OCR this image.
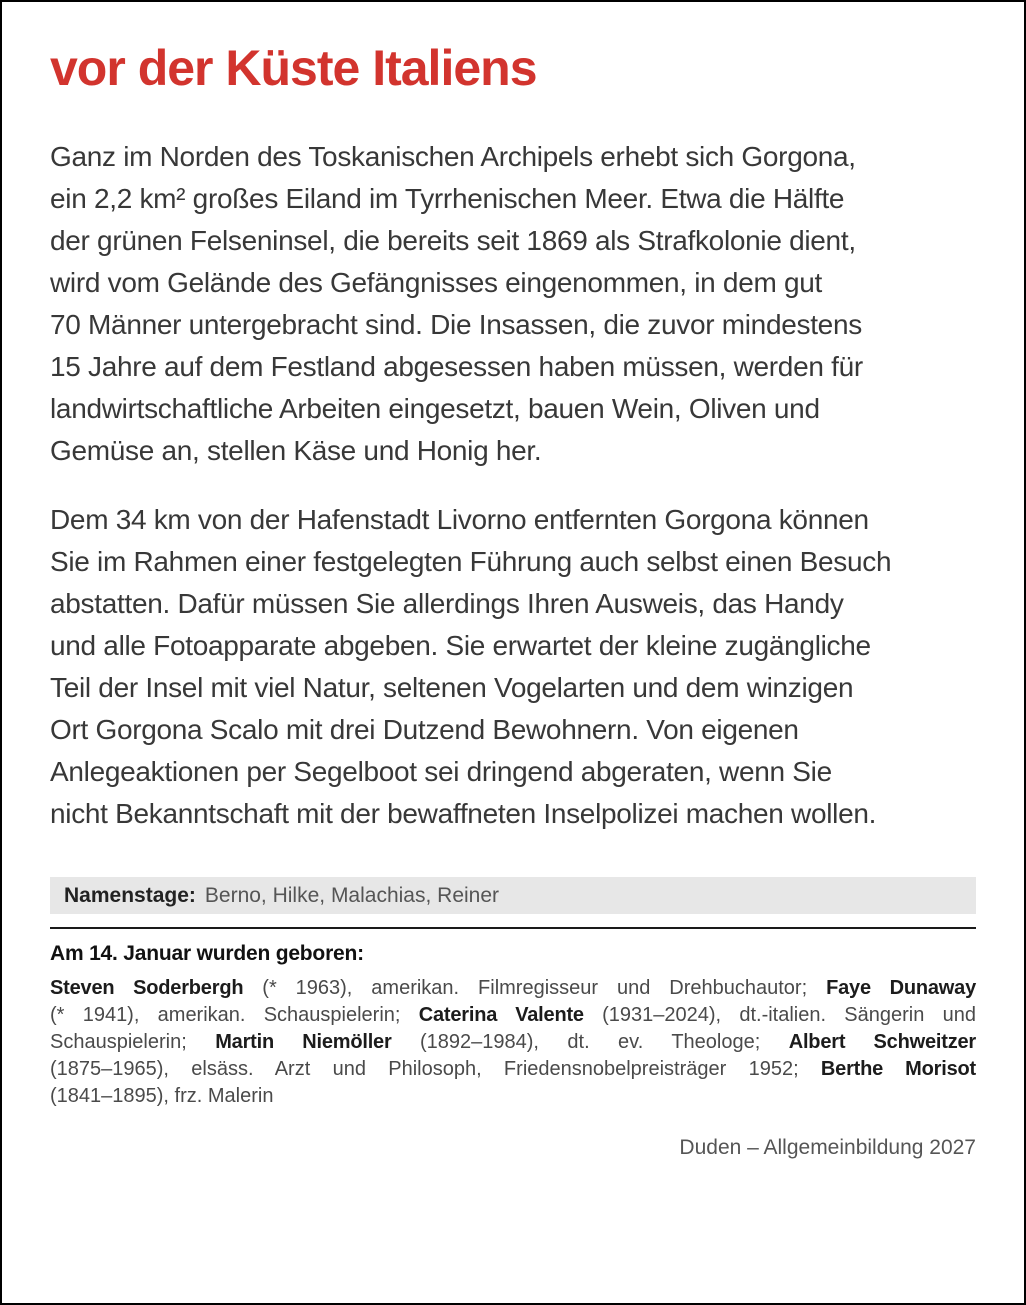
vor der Küste Italiens
Ganz im Norden des Toskanischen Archipels erhebt sich Gorgona,
ein 2,2 km² großes Eiland im Tyrrhenischen Meer. Etwa die Hälfte
der grünen Felseninsel, die bereits seit 1869 als Strafkolonie dient,
wird vom Gelände des Gefängnisses eingenommen, in dem gut
70 Männer untergebracht sind. Die Insassen, die zuvor mindestens
15 Jahre auf dem Festland abgesessen haben müssen, werden für
landwirtschaftliche Arbeiten eingesetzt, bauen Wein, Oliven und
Gemüse an, stellen Käse und Honig her.
Dem 34 km von der Hafenstadt Livorno entfernten Gorgona können
Sie im Rahmen einer festgelegten Führung auch selbst einen Besuch
abstatten. Dafür müssen Sie allerdings Ihren Ausweis, das Handy
und alle Fotoapparate abgeben. Sie erwartet der kleine zugängliche
Teil der Insel mit viel Natur, seltenen Vogelarten und dem winzigen
Ort Gorgona Scalo mit drei Dutzend Bewohnern. Von eigenen
Anlegeaktionen per Segelboot sei dringend abgeraten, wenn Sie
nicht Bekanntschaft mit der bewaffneten Inselpolizei machen wollen.
Namenstage: Berno, Hilke, Malachias, Reiner
Am 14. Januar wurden geboren:
Steven Soderbergh (* 1963), amerikan. Filmregisseur und Drehbuchautor; Faye Dunaway
(* 1941), amerikan. Schauspielerin; Caterina Valente (1931–2024), dt.-italien. Sängerin und
Schauspielerin; Martin Niemöller (1892–1984), dt. ev. Theologe; Albert Schweitzer
(1875–1965), elsäss. Arzt und Philosoph, Friedensnobelpreisträger 1952; Berthe Morisot
(1841–1895), frz. Malerin
Duden – Allgemeinbildung 2027
